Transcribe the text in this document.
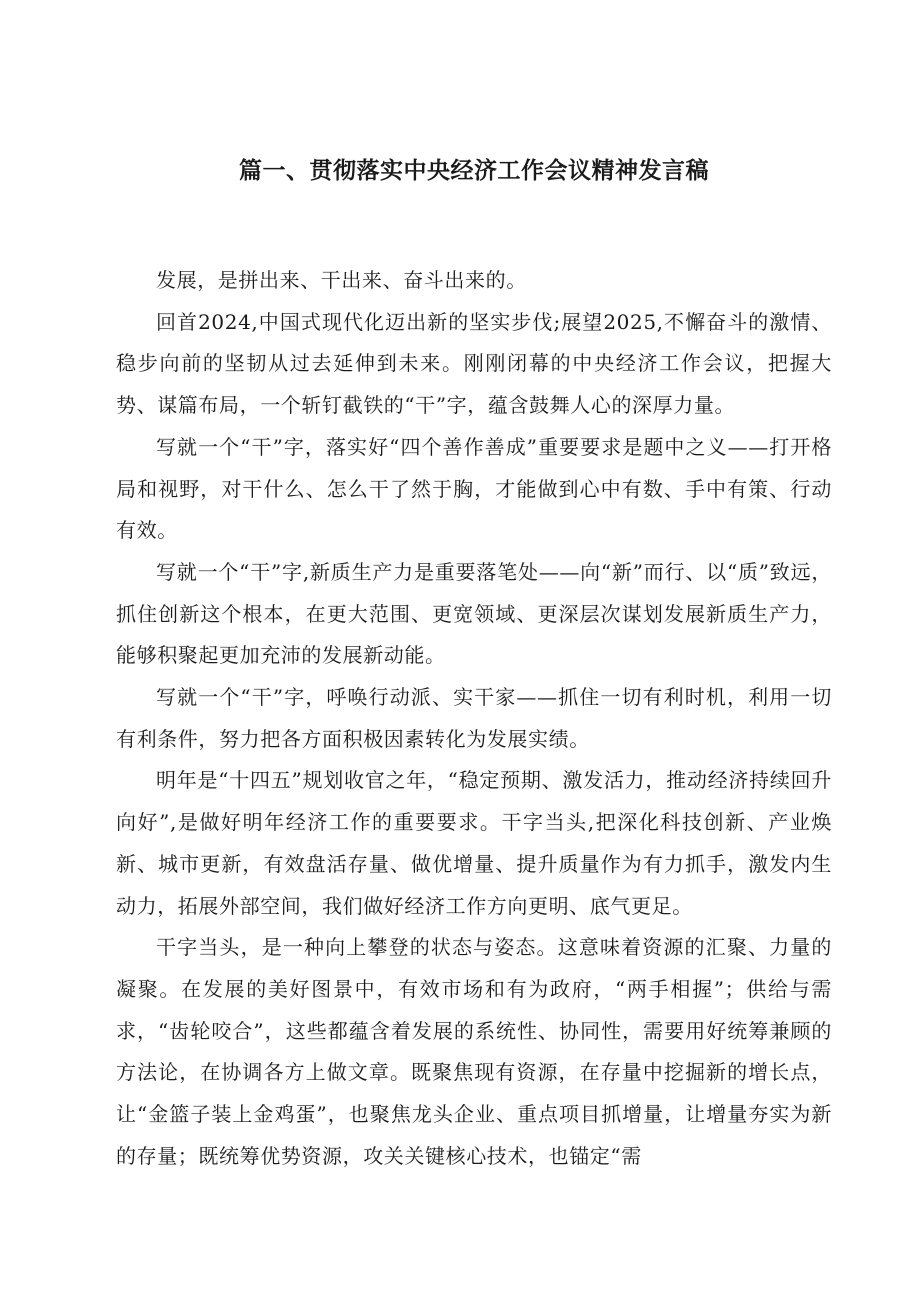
篇一、贯彻落实中央经济工作会议精神发言稿

发展，是拼出来、干出来、奋斗出来的。

回首2024,中国式现代化迈出新的坚实步伐;展望2025,不懈奋斗的激情、稳步向前的坚韧从过去延伸到未来。刚刚闭幕的中央经济工作会议，把握大势、谋篇布局，一个斩钉截铁的“干”字，蕴含鼓舞人心的深厚力量。

写就一个“干”字，落实好“四个善作善成”重要要求是题中之义——打开格局和视野，对干什么、怎么干了然于胸，才能做到心中有数、手中有策、行动有效。

写就一个“干”字,新质生产力是重要落笔处——向“新”而行、以“质”致远，抓住创新这个根本，在更大范围、更宽领域、更深层次谋划发展新质生产力，能够积聚起更加充沛的发展新动能。

写就一个“干”字，呼唤行动派、实干家——抓住一切有利时机，利用一切有利条件，努力把各方面积极因素转化为发展实绩。

明年是“十四五”规划收官之年，“稳定预期、激发活力，推动经济持续回升向好”,是做好明年经济工作的重要要求。干字当头,把深化科技创新、产业焕新、城市更新，有效盘活存量、做优增量、提升质量作为有力抓手，激发内生动力，拓展外部空间，我们做好经济工作方向更明、底气更足。

干字当头，是一种向上攀登的状态与姿态。这意味着资源的汇聚、力量的凝聚。在发展的美好图景中，有效市场和有为政府，“两手相握”；供给与需求，“齿轮咬合”，这些都蕴含着发展的系统性、协同性，需要用好统筹兼顾的方法论，在协调各方上做文章。既聚焦现有资源，在存量中挖掘新的增长点，让“金篮子装上金鸡蛋”，也聚焦龙头企业、重点项目抓增量，让增量夯实为新的存量；既统筹优势资源，攻关关键核心技术，也锚定“需
